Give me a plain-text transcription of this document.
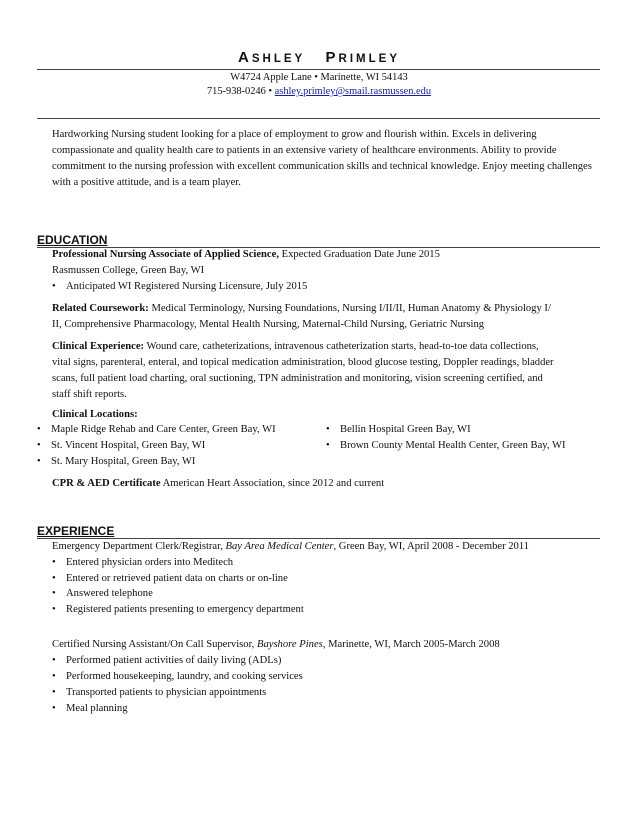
ASHLEY PRIMLEY
W4724 Apple Lane • Marinette, WI 54143
715-938-0246 • ashley.primley@smail.rasmussen.edu
Hardworking Nursing student looking for a place of employment to grow and flourish within. Excels in delivering compassionate and quality health care to patients in an extensive variety of healthcare environments. Ability to provide commitment to the nursing profession with excellent communication skills and technical knowledge. Enjoy meeting challenges with a positive attitude, and is a team player.
EDUCATION
Professional Nursing Associate of Applied Science, Expected Graduation Date June 2015
Rasmussen College, Green Bay, WI
• Anticipated WI Registered Nursing Licensure, July 2015
Related Coursework: Medical Terminology, Nursing Foundations, Nursing I/II/II, Human Anatomy & Physiology I/
II, Comprehensive Pharmacology, Mental Health Nursing, Maternal-Child Nursing, Geriatric Nursing
Clinical Experience: Wound care, catheterizations, intravenous catheterization starts, head-to-toe data collections,
vital signs, parenteral, enteral, and topical medication administration, blood glucose testing, Doppler readings, bladder
scans, full patient load charting, oral suctioning, TPN administration and monitoring, vision screening certified, and
staff shift reports.
Clinical Locations:
• Maple Ridge Rehab and Care Center, Green Bay, WI
• St. Vincent Hospital, Green Bay, WI
• St. Mary Hospital, Green Bay, WI
• Bellin Hospital Green Bay, WI
• Brown County Mental Health Center, Green Bay, WI
CPR & AED Certificate American Heart Association, since 2012 and current
EXPERIENCE
Emergency Department Clerk/Registrar, Bay Area Medical Center, Green Bay, WI, April 2008 - December 2011
• Entered physician orders into Meditech
• Entered or retrieved patient data on charts or on-line
• Answered telephone
• Registered patients presenting to emergency department
Certified Nursing Assistant/On Call Supervisor, Bayshore Pines, Marinette, WI, March 2005-March 2008
• Performed patient activities of daily living (ADLs)
• Performed housekeeping, laundry, and cooking services
• Transported patients to physician appointments
• Meal planning
